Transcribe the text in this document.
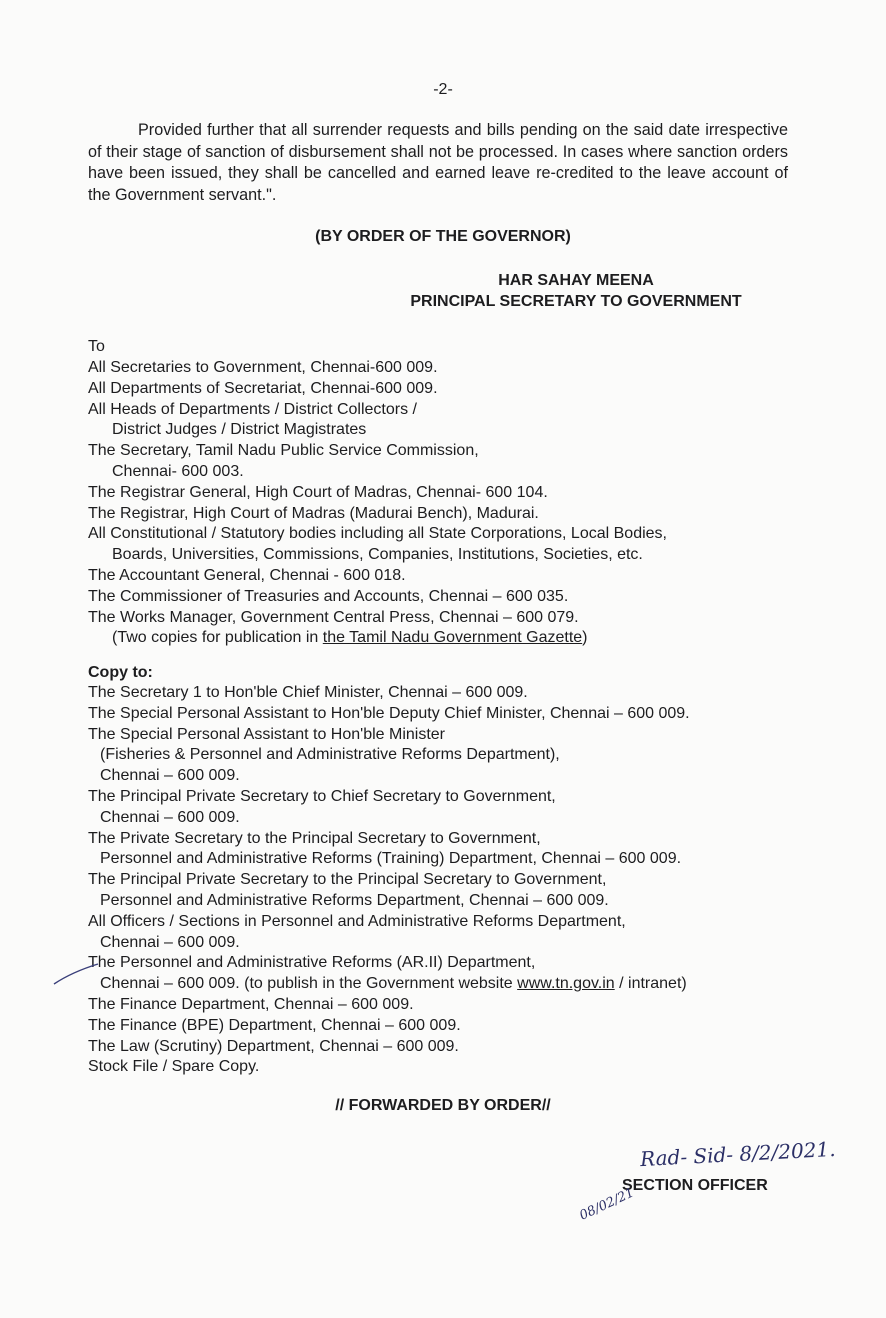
-2-

Provided further that all surrender requests and bills pending on the said date irrespective of their stage of sanction of disbursement shall not be processed. In cases where sanction orders have been issued, they shall be cancelled and earned leave re-credited to the leave account of the Government servant.".

(BY ORDER OF THE GOVERNOR)
HAR SAHAY MEENA
PRINCIPAL SECRETARY TO GOVERNMENT
To
All Secretaries to Government, Chennai-600 009.
All Departments of Secretariat, Chennai-600 009.
All Heads of Departments / District Collectors /
District Judges / District Magistrates
The Secretary, Tamil Nadu Public Service Commission,
Chennai- 600 003.
The Registrar General, High Court of Madras, Chennai- 600 104.
The Registrar, High Court of Madras (Madurai Bench), Madurai.
All Constitutional / Statutory bodies including all State Corporations, Local Bodies,
Boards, Universities, Commissions, Companies, Institutions, Societies, etc.
The Accountant General, Chennai - 600 018.
The Commissioner of Treasuries and Accounts, Chennai – 600 035.
The Works Manager, Government Central Press, Chennai – 600 079.
(Two copies for publication in the Tamil Nadu Government Gazette)
Copy to:
The Secretary 1 to Hon'ble Chief Minister, Chennai – 600 009.
The Special Personal Assistant to Hon'ble Deputy Chief Minister, Chennai – 600 009.
The Special Personal Assistant to Hon'ble Minister
(Fisheries & Personnel and Administrative Reforms Department),
Chennai – 600 009.
The Principal Private Secretary to Chief Secretary to Government,
Chennai – 600 009.
The Private Secretary to the Principal Secretary to Government,
Personnel and Administrative Reforms (Training) Department, Chennai – 600 009.
The Principal Private Secretary to the Principal Secretary to Government,
Personnel and Administrative Reforms Department, Chennai – 600 009.
All Officers / Sections in Personnel and Administrative Reforms Department,
Chennai – 600 009.
The Personnel and Administrative Reforms (AR.II) Department,
Chennai – 600 009. (to publish in the Government website www.tn.gov.in / intranet)
The Finance Department, Chennai – 600 009.
The Finance (BPE) Department, Chennai – 600 009.
The Law (Scrutiny) Department, Chennai – 600 009.
Stock File / Spare Copy.
// FORWARDED BY ORDER//
Rad- Sid- 8/2/2021.
SECTION OFFICER
08/02/21
